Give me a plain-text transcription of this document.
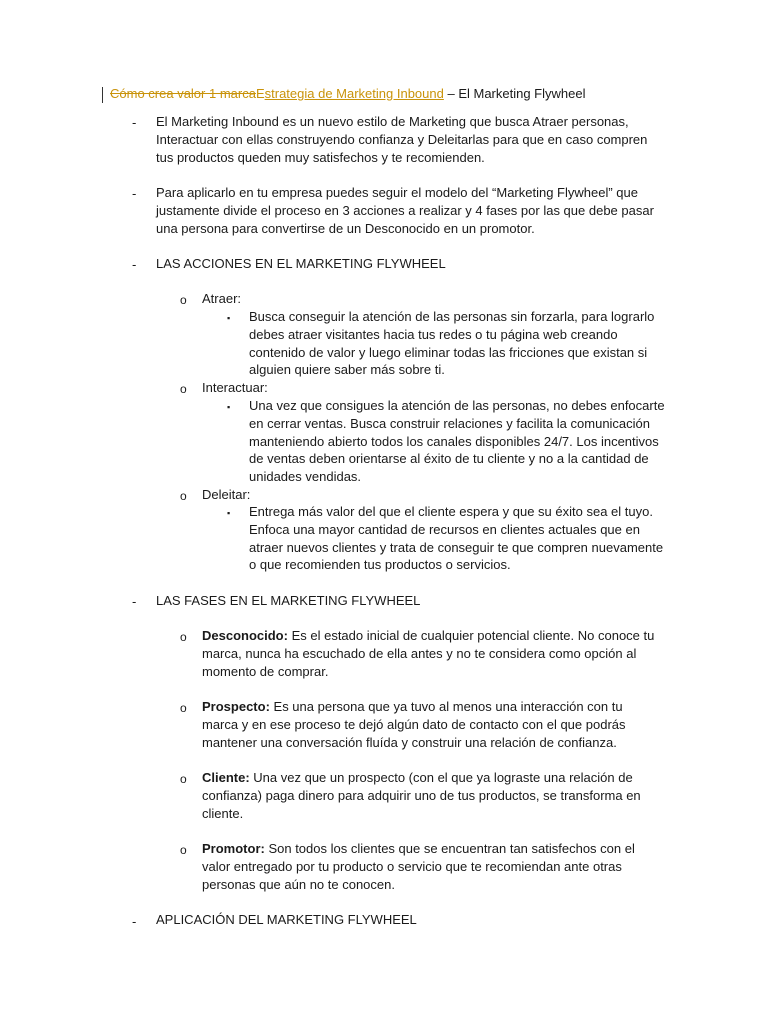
Cómo crea valor 1 marcaEstrategia de Marketing Inbound – El Marketing Flywheel
- El Marketing Inbound es un nuevo estilo de Marketing que busca Atraer personas, Interactuar con ellas construyendo confianza y Deleitarlas para que en caso compren tus productos queden muy satisfechos y te recomienden.
- Para aplicarlo en tu empresa puedes seguir el modelo del “Marketing Flywheel” que justamente divide el proceso en 3 acciones a realizar y 4 fases por las que debe pasar una persona para convertirse de un Desconocido en un promotor.
- LAS ACCIONES EN EL MARKETING FLYWHEEL
o Atraer:
▪ Busca conseguir la atención de las personas sin forzarla, para lograrlo debes atraer visitantes hacia tus redes o tu página web creando contenido de valor y luego eliminar todas las fricciones que existan si alguien quiere saber más sobre ti.
o Interactuar:
▪ Una vez que consigues la atención de las personas, no debes enfocarte en cerrar ventas. Busca construir relaciones y facilita la comunicación manteniendo abierto todos los canales disponibles 24/7. Los incentivos de ventas deben orientarse al éxito de tu cliente y no a la cantidad de unidades vendidas.
o Deleitar:
▪ Entrega más valor del que el cliente espera y que su éxito sea el tuyo. Enfoca una mayor cantidad de recursos en clientes actuales que en atraer nuevos clientes y trata de conseguir te que compren nuevamente o que recomienden tus productos o servicios.
- LAS FASES EN EL MARKETING FLYWHEEL
o Desconocido: Es el estado inicial de cualquier potencial cliente. No conoce tu marca, nunca ha escuchado de ella antes y no te considera como opción al momento de comprar.
o Prospecto: Es una persona que ya tuvo al menos una interacción con tu marca y en ese proceso te dejó algún dato de contacto con el que podrás mantener una conversación fluída y construir una relación de confianza.
o Cliente: Una vez que un prospecto (con el que ya lograste una relación de confianza) paga dinero para adquirir uno de tus productos, se transforma en cliente.
o Promotor: Son todos los clientes que se encuentran tan satisfechos con el valor entregado por tu producto o servicio que te recomiendan ante otras personas que aún no te conocen.
- APLICACIÓN DEL MARKETING FLYWHEEL
